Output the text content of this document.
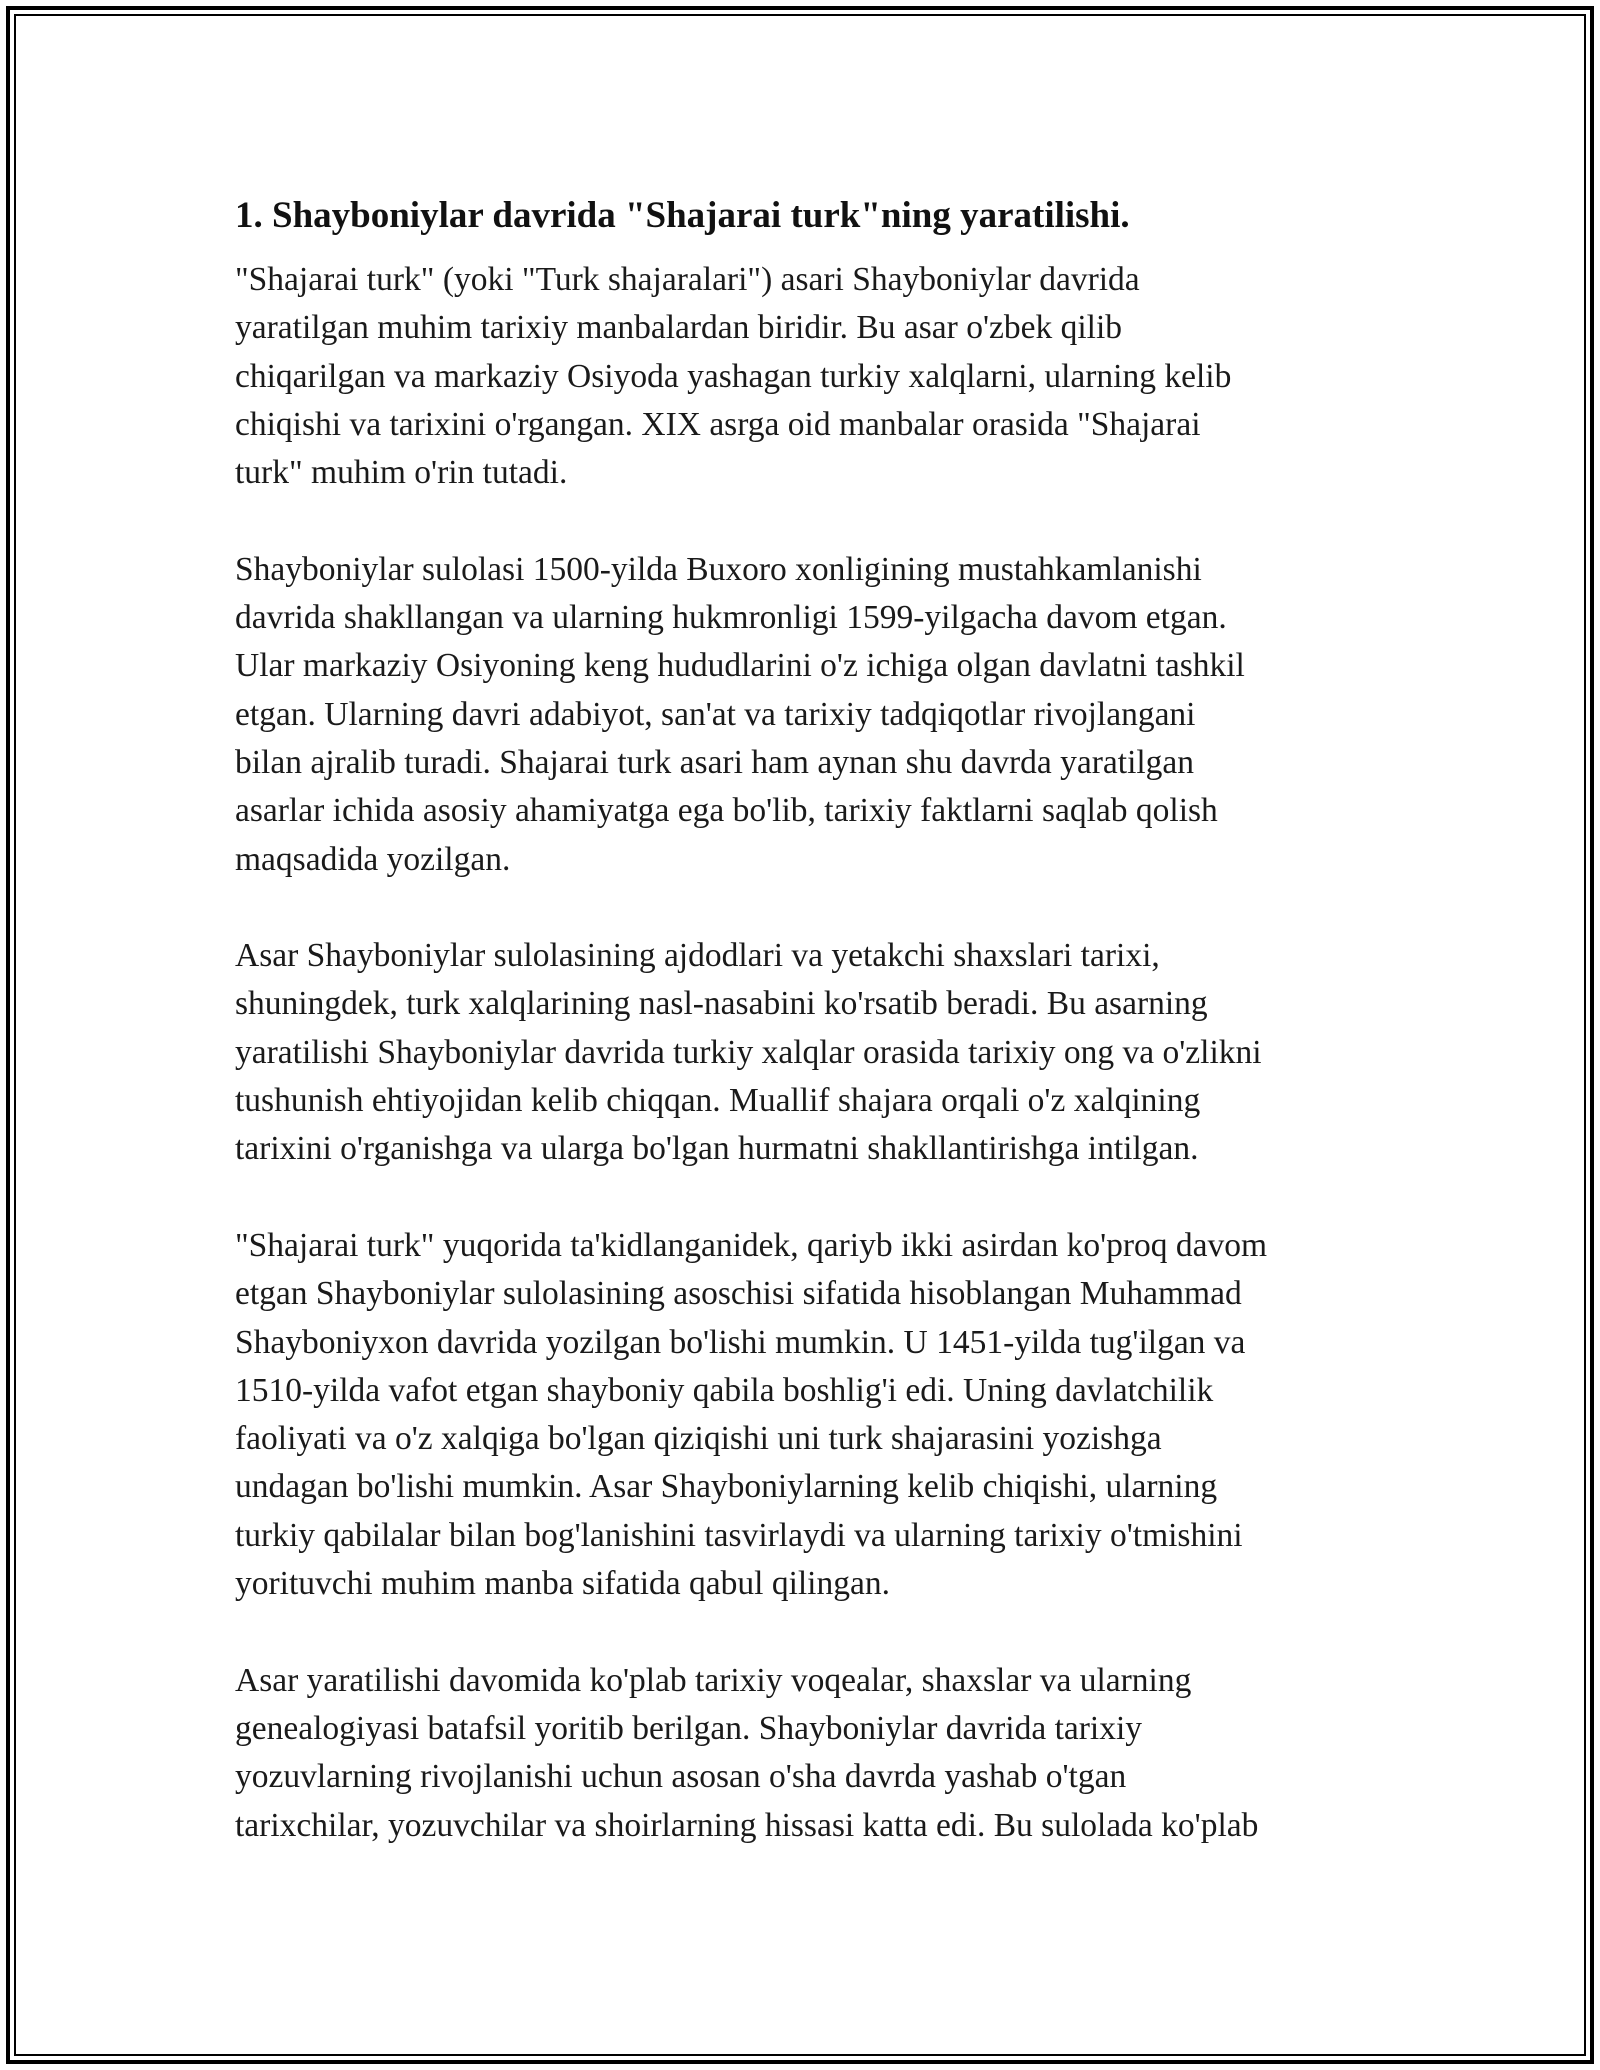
1. Shayboniylar davrida "Shajarai turk"ning yaratilishi.

"Shajarai turk" (yoki "Turk shajaralari") asari Shayboniylar davrida
yaratilgan muhim tarixiy manbalardan biridir. Bu asar o'zbek qilib
chiqarilgan va markaziy Osiyoda yashagan turkiy xalqlarni, ularning kelib
chiqishi va tarixini o'rgangan. XIX asrga oid manbalar orasida "Shajarai
turk" muhim o'rin tutadi.

Shayboniylar sulolasi 1500-yilda Buxoro xonligining mustahkamlanishi
davrida shakllangan va ularning hukmronligi 1599-yilgacha davom etgan.
Ular markaziy Osiyoning keng hududlarini o'z ichiga olgan davlatni tashkil
etgan. Ularning davri adabiyot, san'at va tarixiy tadqiqotlar rivojlangani
bilan ajralib turadi. Shajarai turk asari ham aynan shu davrda yaratilgan
asarlar ichida asosiy ahamiyatga ega bo'lib, tarixiy faktlarni saqlab qolish
maqsadida yozilgan.

Asar Shayboniylar sulolasining ajdodlari va yetakchi shaxslari tarixi,
shuningdek, turk xalqlarining nasl-nasabini ko'rsatib beradi. Bu asarning
yaratilishi Shayboniylar davrida turkiy xalqlar orasida tarixiy ong va o'zlikni
tushunish ehtiyojidan kelib chiqqan. Muallif shajara orqali o'z xalqining
tarixini o'rganishga va ularga bo'lgan hurmatni shakllantirishga intilgan.

"Shajarai turk" yuqorida ta'kidlanganidek, qariyb ikki asirdan ko'proq davom
etgan Shayboniylar sulolasining asoschisi sifatida hisoblangan Muhammad
Shayboniyxon davrida yozilgan bo'lishi mumkin. U 1451-yilda tug'ilgan va
1510-yilda vafot etgan shayboniy qabila boshlig'i edi. Uning davlatchilik
faoliyati va o'z xalqiga bo'lgan qiziqishi uni turk shajarasini yozishga
undagan bo'lishi mumkin. Asar Shayboniylarning kelib chiqishi, ularning
turkiy qabilalar bilan bog'lanishini tasvirlaydi va ularning tarixiy o'tmishini
yorituvchi muhim manba sifatida qabul qilingan.

Asar yaratilishi davomida ko'plab tarixiy voqealar, shaxslar va ularning
genealogiyasi batafsil yoritib berilgan. Shayboniylar davrida tarixiy
yozuvlarning rivojlanishi uchun asosan o'sha davrda yashab o'tgan
tarixchilar, yozuvchilar va shoirlarning hissasi katta edi. Bu sulolada ko'plab
